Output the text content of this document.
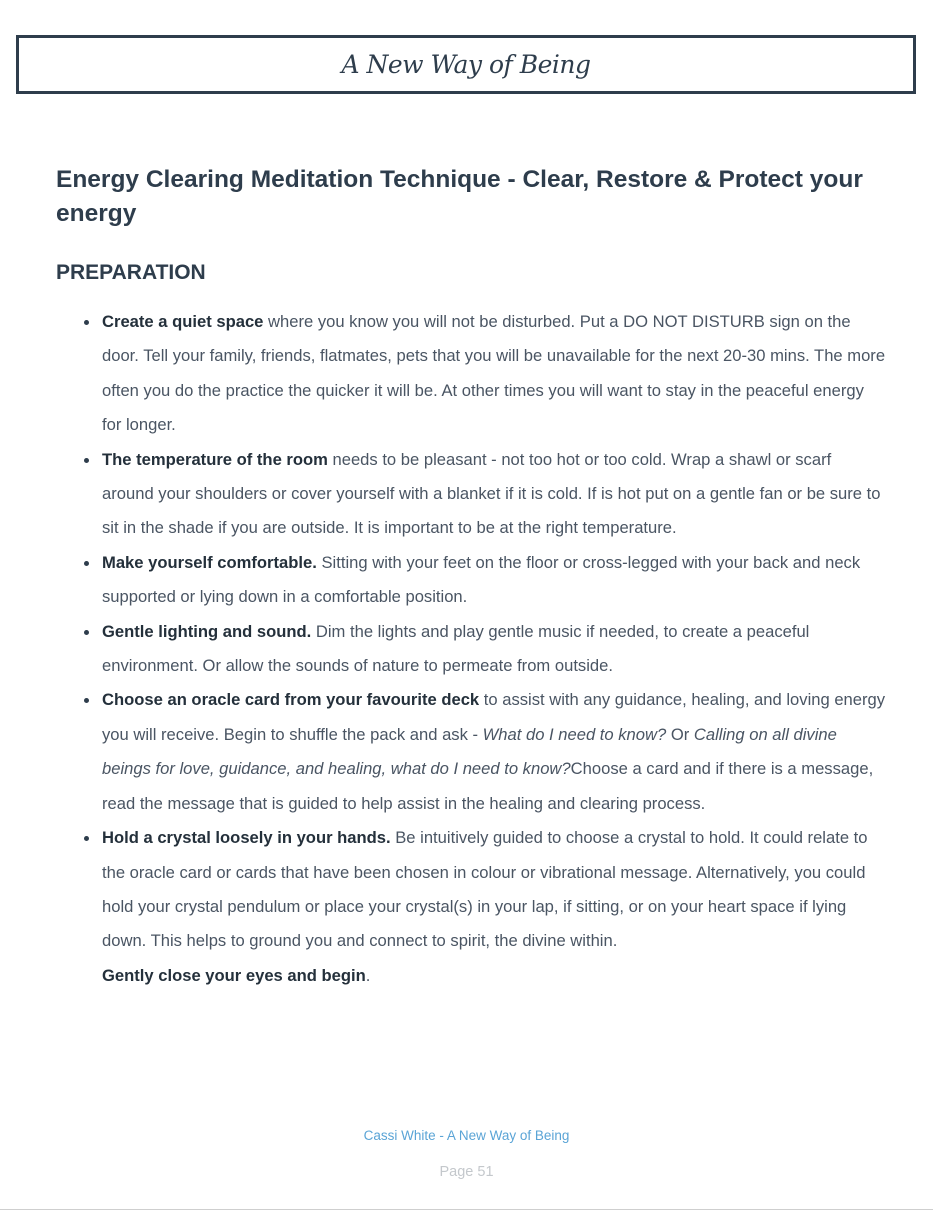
A New Way of Being
Energy Clearing Meditation Technique - Clear, Restore & Protect your energy
PREPARATION
Create a quiet space where you know you will not be disturbed. Put a DO NOT DISTURB sign on the door. Tell your family, friends, flatmates, pets that you will be unavailable for the next 20-30 mins. The more often you do the practice the quicker it will be. At other times you will want to stay in the peaceful energy for longer.
The temperature of the room needs to be pleasant - not too hot or too cold. Wrap a shawl or scarf around your shoulders or cover yourself with a blanket if it is cold. If is hot put on a gentle fan or be sure to sit in the shade if you are outside. It is important to be at the right temperature.
Make yourself comfortable. Sitting with your feet on the floor or cross-legged with your back and neck supported or lying down in a comfortable position.
Gentle lighting and sound. Dim the lights and play gentle music if needed, to create a peaceful environment. Or allow the sounds of nature to permeate from outside.
Choose an oracle card from your favourite deck to assist with any guidance, healing, and loving energy you will receive. Begin to shuffle the pack and ask - What do I need to know? Or Calling on all divine beings for love, guidance, and healing, what do I need to know?Choose a card and if there is a message, read the message that is guided to help assist in the healing and clearing process.
Hold a crystal loosely in your hands. Be intuitively guided to choose a crystal to hold. It could relate to the oracle card or cards that have been chosen in colour or vibrational message. Alternatively, you could hold your crystal pendulum or place your crystal(s) in your lap, if sitting, or on your heart space if lying down. This helps to ground you and connect to spirit, the divine within.
Gently close your eyes and begin.
Cassi White - A New Way of Being
Page 51
